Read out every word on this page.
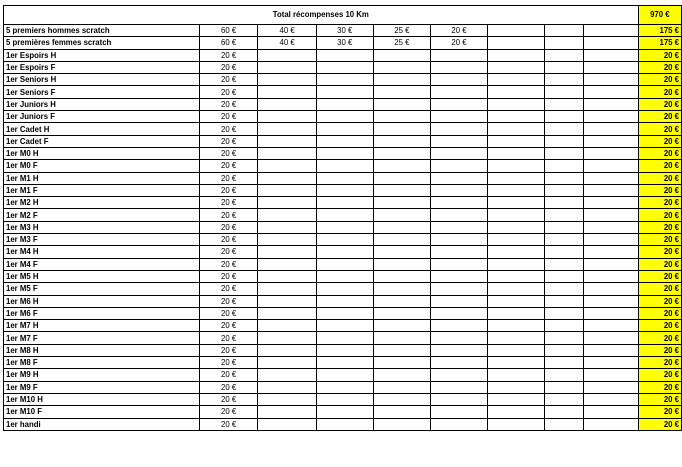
Total récompenses 10 Km									970 €
5 premiers hommes scratch	60 €	40 €	30 €	25 €	20 €				175 €
5 premières femmes scratch	60 €	40 €	30 €	25 €	20 €				175 €
1er Espoirs H	20 €								20 €
1er Espoirs F	20 €								20 €
1er Seniors H	20 €								20 €
1er Seniors F	20 €								20 €
1er Juniors H	20 €								20 €
1er Juniors F	20 €								20 €
1er Cadet H	20 €								20 €
1er Cadet F	20 €								20 €
1er M0 H	20 €								20 €
1er M0 F	20 €								20 €
1er M1 H	20 €								20 €
1er M1 F	20 €								20 €
1er M2 H	20 €								20 €
1er M2 F	20 €								20 €
1er M3 H	20 €								20 €
1er M3 F	20 €								20 €
1er M4 H	20 €								20 €
1er M4 F	20 €								20 €
1er M5 H	20 €								20 €
1er M5 F	20 €								20 €
1er M6 H	20 €								20 €
1er M6 F	20 €								20 €
1er M7 H	20 €								20 €
1er M7 F	20 €								20 €
1er M8 H	20 €								20 €
1er M8 F	20 €								20 €
1er M9 H	20 €								20 €
1er M9 F	20 €								20 €
1er M10 H	20 €								20 €
1er M10 F	20 €								20 €
1er handi	20 €								20 €
